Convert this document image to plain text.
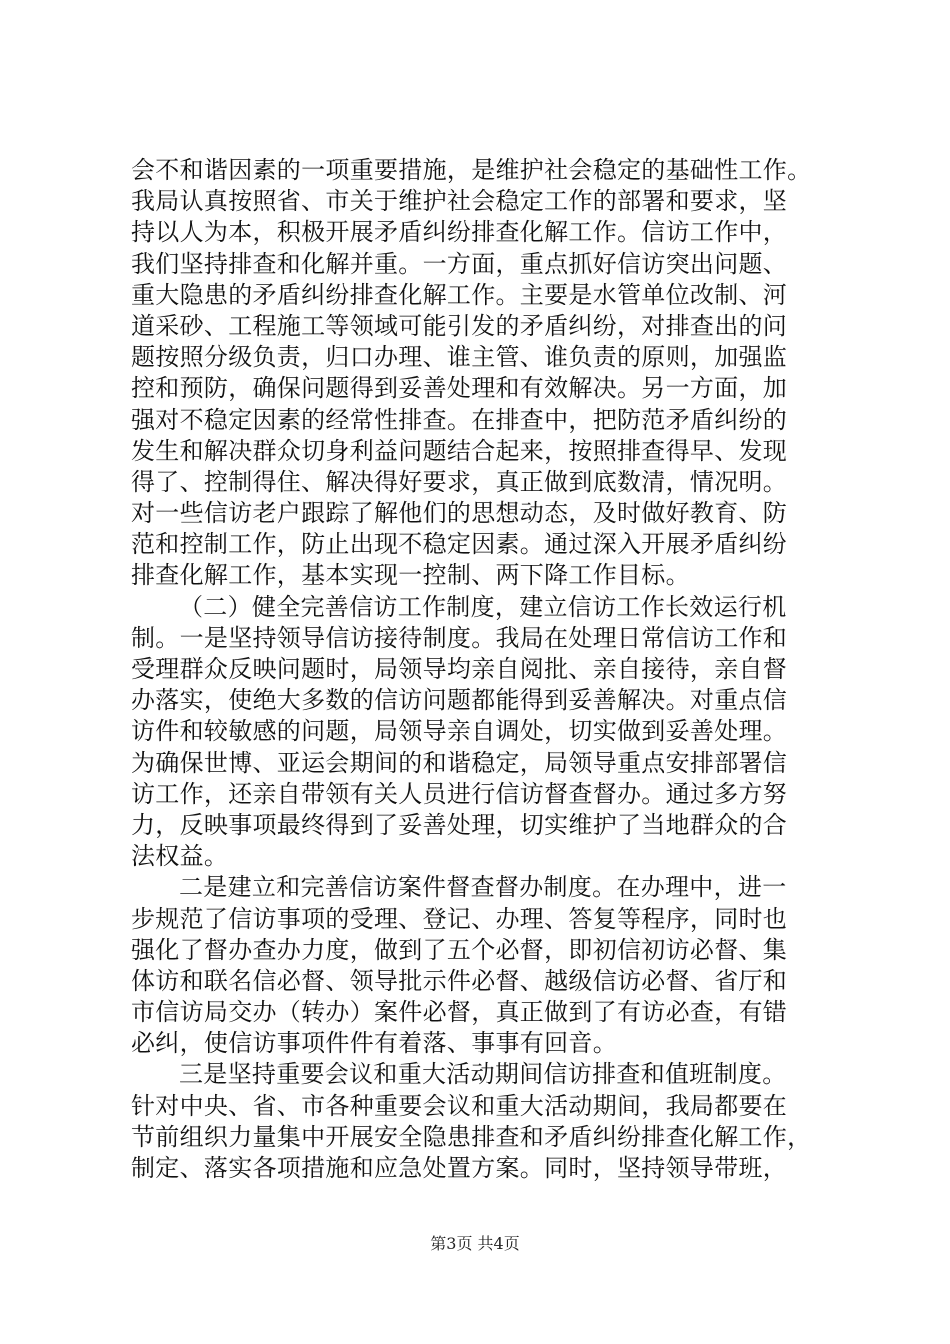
会不和谐因素的一项重要措施，是维护社会稳定的基础性工作。
我局认真按照省、市关于维护社会稳定工作的部署和要求，坚
持以人为本，积极开展矛盾纠纷排查化解工作。信访工作中，
我们坚持排查和化解并重。一方面，重点抓好信访突出问题、
重大隐患的矛盾纠纷排查化解工作。主要是水管单位改制、河
道采砂、工程施工等领域可能引发的矛盾纠纷，对排查出的问
题按照分级负责，归口办理、谁主管、谁负责的原则，加强监
控和预防，确保问题得到妥善处理和有效解决。另一方面，加
强对不稳定因素的经常性排查。在排查中，把防范矛盾纠纷的
发生和解决群众切身利益问题结合起来，按照排查得早、发现
得了、控制得住、解决得好要求，真正做到底数清，情况明。
对一些信访老户跟踪了解他们的思想动态，及时做好教育、防
范和控制工作，防止出现不稳定因素。通过深入开展矛盾纠纷
排查化解工作，基本实现一控制、两下降工作目标。
（二）健全完善信访工作制度，建立信访工作长效运行机
制。一是坚持领导信访接待制度。我局在处理日常信访工作和
受理群众反映问题时，局领导均亲自阅批、亲自接待，亲自督
办落实，使绝大多数的信访问题都能得到妥善解决。对重点信
访件和较敏感的问题，局领导亲自调处，切实做到妥善处理。
为确保世博、亚运会期间的和谐稳定，局领导重点安排部署信
访工作，还亲自带领有关人员进行信访督查督办。通过多方努
力，反映事项最终得到了妥善处理，切实维护了当地群众的合
法权益。
二是建立和完善信访案件督查督办制度。在办理中，进一
步规范了信访事项的受理、登记、办理、答复等程序，同时也
强化了督办查办力度，做到了五个必督，即初信初访必督、集
体访和联名信必督、领导批示件必督、越级信访必督、省厅和
市信访局交办（转办）案件必督，真正做到了有访必查，有错
必纠，使信访事项件件有着落、事事有回音。
三是坚持重要会议和重大活动期间信访排查和值班制度。
针对中央、省、市各种重要会议和重大活动期间，我局都要在
节前组织力量集中开展安全隐患排查和矛盾纠纷排查化解工作，
制定、落实各项措施和应急处置方案。同时，坚持领导带班，
第3页 共4页
